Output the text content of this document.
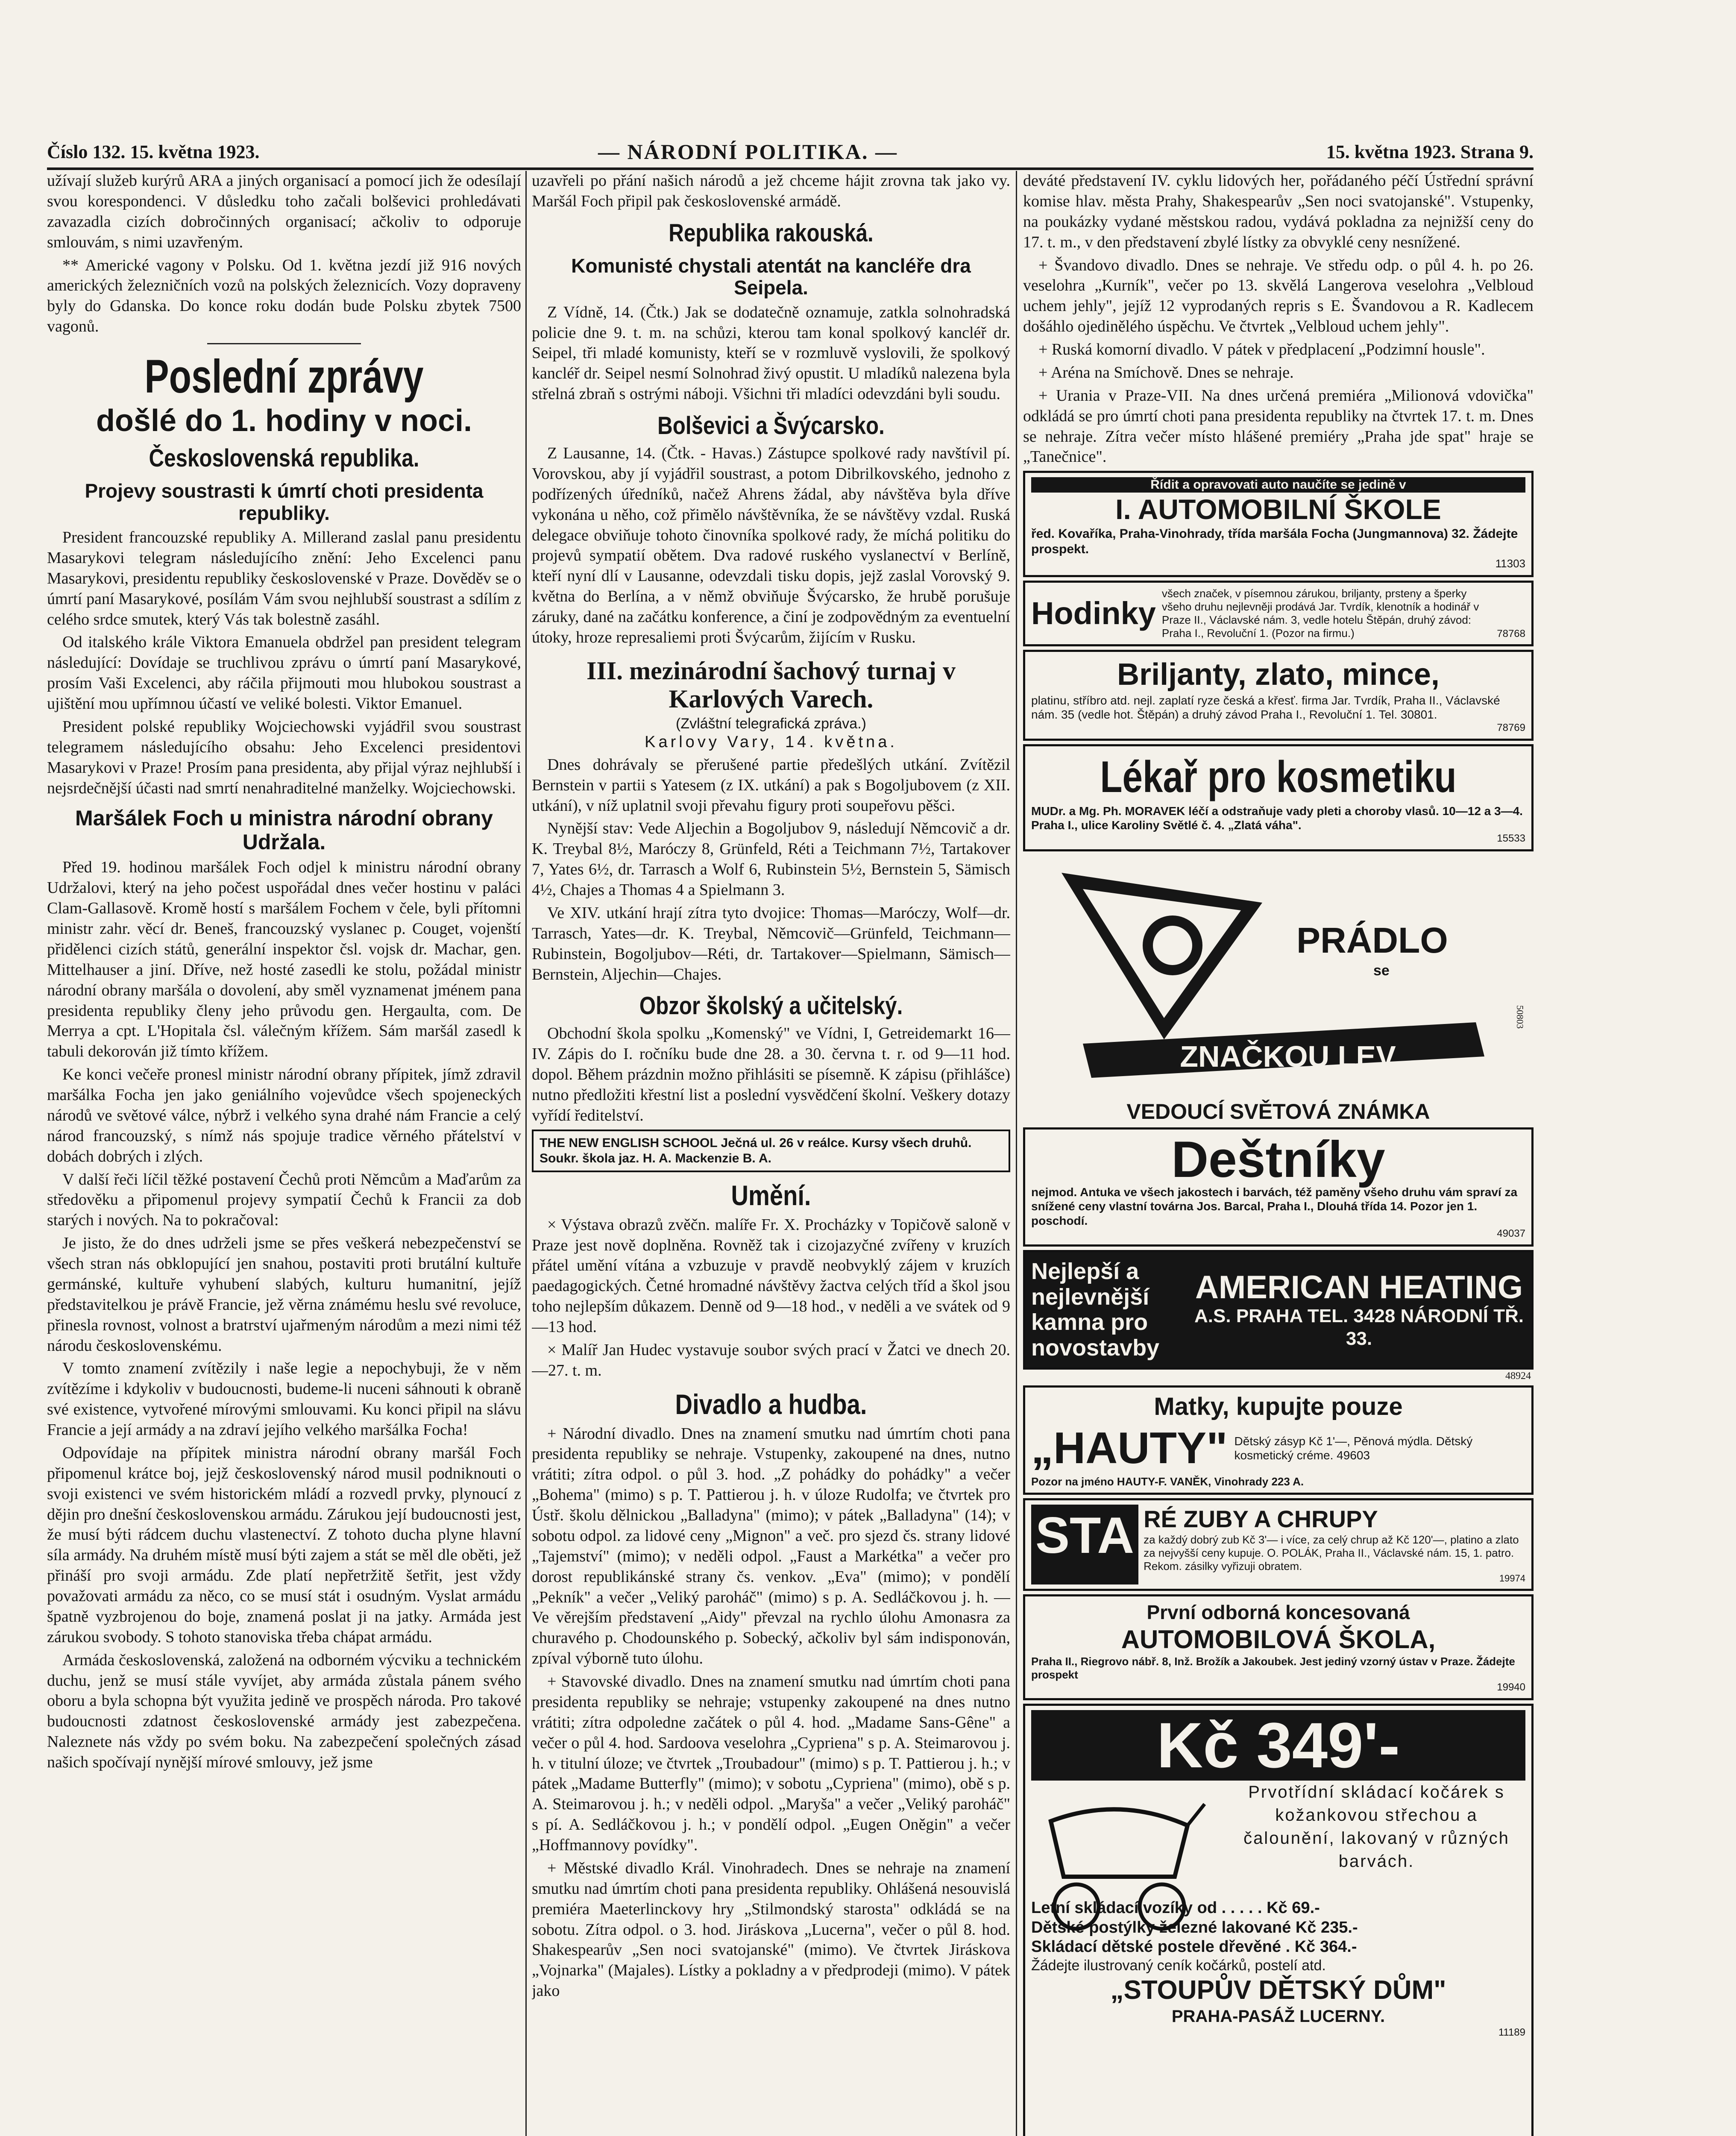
Číslo 132. 15. května 1923.	— NÁRODNÍ POLITIKA. —	15. května 1923. Strana 9.

užívají služeb kurýrů ARA a jiných organisací a pomocí jich že odesílají svou korespondenci. V důsledku toho začali bolševici prohledávati zavazadla cizích dobročinných organisací; ačkoliv to odporuje smlouvám, s nimi uzavřeným.

** Americké vagony v Polsku. Od 1. května jezdí již 916 nových amerických železničních vozů na polských železnicích. Vozy dopraveny byly do Gdanska. Do konce roku dodán bude Polsku zbytek 7500 vagonů.

Poslední zprávy
došlé do 1. hodiny v noci.
Československá republika.
Projevy soustrasti k úmrtí choti presidenta republiky.

President francouzské republiky A. Millerand zaslal panu presidentu Masarykovi telegram následujícího znění: Jeho Excelenci panu Masarykovi, presidentu republiky československé v Praze. Dověděv se o úmrtí paní Masarykové, posílám Vám svou nejhlubší soustrast a sdílím z celého srdce smutek, který Vás tak bolestně zasáhl.

Od italského krále Viktora Emanuela obdržel pan president telegram následující: Dovídaje se truchlivou zprávu o úmrtí paní Masarykové, prosím Vaši Excelenci, aby ráčila přijmouti mou hlubokou soustrast a ujištění mou upřímnou účastí ve veliké bolesti. Viktor Emanuel.

President polské republiky Wojciechowski vyjádřil svou soustrast telegramem následujícího obsahu: Jeho Excelenci presidentovi Masarykovi v Praze! Prosím pana presidenta, aby přijal výraz nejhlubší i nejsrdečnější účasti nad smrtí nenahraditelné manželky. Wojciechowski.

Maršálek Foch u ministra národní obrany Udržala.

Před 19. hodinou maršálek Foch odjel k ministru národní obrany Udržalovi, který na jeho počest uspořádal dnes večer hostinu v paláci Clam-Gallasově. Kromě hostí s maršálem Fochem v čele, byli přítomni ministr zahr. věcí dr. Beneš, francouzský vyslanec p. Couget, vojenští přidělenci cizích států, generální inspektor čsl. vojsk dr. Machar, gen. Mittelhauser a jiní. Dříve, než hosté zasedli ke stolu, požádal ministr národní obrany maršála o dovolení, aby směl vyznamenat jménem pana presidenta republiky členy jeho průvodu gen. Hergaulta, com. De Merrya a cpt. L'Hopitala čsl. válečným křížem. Sám maršál zasedl k tabuli dekorován již tímto křížem.

Ke konci večeře pronesl ministr národní obrany přípitek, jímž zdravil maršálka Focha jen jako geniálního vojevůdce všech spojeneckých národů ve světové válce, nýbrž i velkého syna drahé nám Francie a celý národ francouzský, s nímž nás spojuje tradice věrného přátelství v dobách dobrých i zlých.

V další řeči líčil těžké postavení Čechů proti Němcům a Maďarům za středověku a připomenul projevy sympatií Čechů k Francii za dob starých i nových. Na to pokračoval:

Je jisto, že do dnes udrželi jsme se přes veškerá nebezpečenství se všech stran nás obklopující jen snahou, postaviti proti brutální kultuře germánské, kultuře vyhubení slabých, kulturu humanitní, jejíž představitelkou je právě Francie, jež věrna známému heslu své revoluce, přinesla rovnost, volnost a bratrství ujařmeným národům a mezi nimi též národu československému.

V tomto znamení zvítězily i naše legie a nepochybuji, že v něm zvítězíme i kdykoliv v budoucnosti, budeme-li nuceni sáhnouti k obraně své existence, vytvořené mírovými smlouvami. Ku konci připil na slávu Francie a její armády a na zdraví jejího velkého maršálka Focha!

Odpovídaje na přípitek ministra národní obrany maršál Foch připomenul krátce boj, jejž československý národ musil podniknouti o svoji existenci ve svém historickém mládí a rozvedl prvky, plynoucí z dějin pro dnešní československou armádu. Zárukou její budoucnosti jest, že musí býti rádcem duchu vlastenectví. Z tohoto ducha plyne hlavní síla armády. Na druhém místě musí býti zajem a stát se měl dle oběti, jež přináší pro svoji armádu. Zde platí nepřetržitě šetřit, jest vždy považovati armádu za něco, co se musí stát i osudným. Vyslat armádu špatně vyzbrojenou do boje, znamená poslat ji na jatky. Armáda jest zárukou svobody. S tohoto stanoviska třeba chápat armádu.

Armáda československá, založená na odborném výcviku a technickém duchu, jenž se musí stále vyvíjet, aby armáda zůstala pánem svého oboru a byla schopna být využita jedině ve prospěch národa. Pro takové budoucnosti zdatnost československé armády jest zabezpečena. Naleznete nás vždy po svém boku. Na zabezpečení společných zásad našich spočívají nynější mírové smlouvy, jež jsme

uzavřeli po přání našich národů a jež chceme hájit zrovna tak jako vy. Maršál Foch připil pak československé armádě.

Republika rakouská.
Komunisté chystali atentát na kancléře dra Seipela.

Z Vídně, 14. (Čtk.) Jak se dodatečně oznamuje, zatkla solnohradská policie dne 9. t. m. na schůzi, kterou tam konal spolkový kancléř dr. Seipel, tři mladé komunisty, kteří se v rozmluvě vyslovili, že spolkový kancléř dr. Seipel nesmí Solnohrad živý opustit. U mladíků nalezena byla střelná zbraň s ostrými náboji. Všichni tři mladíci odevzdáni byli soudu.

Bolševici a Švýcarsko.

Z Lausanne, 14. (Čtk. - Havas.) Zástupce spolkové rady navštívil pí. Vorovskou, aby jí vyjádřil soustrast, a potom Dibrilkovského, jednoho z podřízených úředníků, načež Ahrens žádal, aby návštěva byla dříve vykonána u něho, což přimělo návštěvníka, že se návštěvy vzdal. Ruská delegace obviňuje tohoto činovníka spolkové rady, že míchá politiku do projevů sympatií obětem. Dva radové ruského vyslanectví v Berlíně, kteří nyní dlí v Lausanne, odevzdali tisku dopis, jejž zaslal Vorovský 9. května do Berlína, a v němž obviňuje Švýcarsko, že hrubě porušuje záruky, dané na začátku konference, a činí je zodpovědným za eventuelní útoky, hroze represaliemi proti Švýcarům, žijícím v Rusku.

III. mezinárodní šachový turnaj v Karlových Varech.
(Zvláštní telegrafická zpráva.)
Karlovy Vary, 14. května.

Dnes dohrávaly se přerušené partie předešlých utkání. Zvítězil Bernstein v partii s Yatesem (z IX. utkání) a pak s Bogoljubovem (z XII. utkání), v níž uplatnil svoji převahu figury proti soupeřovu pěšci.

Nynější stav: Vede Aljechin a Bogoljubov 9, následují Němcovič a dr. K. Treybal 8½, Maróczy 8, Grünfeld, Réti a Teichmann 7½, Tartakover 7, Yates 6½, dr. Tarrasch a Wolf 6, Rubinstein 5½, Bernstein 5, Sämisch 4½, Chajes a Thomas 4 a Spielmann 3.

Ve XIV. utkání hrají zítra tyto dvojice: Thomas—Maróczy, Wolf—dr. Tarrasch, Yates—dr. K. Treybal, Němcovič—Grünfeld, Teichmann—Rubinstein, Bogoljubov—Réti, dr. Tartakover—Spielmann, Sämisch—Bernstein, Aljechin—Chajes.

Obzor školský a učitelský.

Obchodní škola spolku „Komenský" ve Vídni, I, Getreidemarkt 16—IV. Zápis do I. ročníku bude dne 28. a 30. června t. r. od 9—11 hod. dopol. Během prázdnin možno přihlásiti se písemně. K zápisu (přihlášce) nutno předložiti křestní list a poslední vysvědčení školní. Veškery dotazy vyřídí ředitelství.

THE NEW ENGLISH SCHOOL Ječná ul. 26 v reálce. Kursy všech druhů. Soukr. škola jaz. H. A. Mackenzie B. A.
Umění.

× Výstava obrazů zvěčn. malíře Fr. X. Procházky v Topičově saloně v Praze jest nově doplněna. Rovněž tak i cizojazyčné zvířeny v kruzích přátel umění vítána a vzbuzuje v pravdě neobvyklý zájem v kruzích paedagogických. Četné hromadné návštěvy žactva celých tříd a škol jsou toho nejlepším důkazem. Denně od 9—18 hod., v neděli a ve svátek od 9—13 hod.

× Malíř Jan Hudec vystavuje soubor svých prací v Žatci ve dnech 20.—27. t. m.

Divadlo a hudba.

+ Národní divadlo. Dnes na znamení smutku nad úmrtím choti pana presidenta republiky se nehraje. Vstupenky, zakoupené na dnes, nutno vrátiti; zítra odpol. o půl 3. hod. „Z pohádky do pohádky" a večer „Bohema" (mimo) s p. T. Pattierou j. h. v úloze Rudolfa; ve čtvrtek pro Ústř. školu dělnickou „Balladyna" (mimo); v pátek „Balladyna" (14); v sobotu odpol. za lidové ceny „Mignon" a več. pro sjezd čs. strany lidové „Tajemství" (mimo); v neděli odpol. „Faust a Markétka" a večer pro dorost republikánské strany čs. venkov. „Eva" (mimo); v pondělí „Pekník" a večer „Veliký paroháč" (mimo) s p. A. Sedláčkovou j. h. — Ve věrejším představení „Aidy" převzal na rychlo úlohu Amonasra za churavého p. Chodounského p. Sobecký, ačkoliv byl sám indisponován, zpíval výborně tuto úlohu.

+ Stavovské divadlo. Dnes na znamení smutku nad úmrtím choti pana presidenta republiky se nehraje; vstupenky zakoupené na dnes nutno vrátiti; zítra odpoledne začátek o půl 4. hod. „Madame Sans-Gêne" a večer o půl 4. hod. Sardoova veselohra „Cypriena" s p. A. Steimarovou j. h. v titulní úloze; ve čtvrtek „Troubadour" (mimo) s p. T. Pattierou j. h.; v pátek „Madame Butterfly" (mimo); v sobotu „Cypriena" (mimo), obě s p. A. Steimarovou j. h.; v neděli odpol. „Maryša" a večer „Veliký paroháč" s pí. A. Sedláčkovou j. h.; v pondělí odpol. „Eugen Oněgin" a večer „Hoffmannovy povídky".

+ Městské divadlo Král. Vinohradech. Dnes se nehraje na znamení smutku nad úmrtím choti pana presidenta republiky. Ohlášená nesouvislá premiéra Maeterlinckovy hry „Stilmondský starosta" odkládá se na sobotu. Zítra odpol. o 3. hod. Jiráskova „Lucerna", večer o půl 8. hod. Shakespearův „Sen noci svatojanské" (mimo). Ve čtvrtek Jiráskova „Vojnarka" (Majales). Lístky a pokladny a v předprodeji (mimo). V pátek jako

deváté představení IV. cyklu lidových her, pořádaného péčí Ústřední správní komise hlav. města Prahy, Shakespearův „Sen noci svatojanské". Vstupenky, na poukázky vydané městskou radou, vydává pokladna za nejnižší ceny do 17. t. m., v den představení zbylé lístky za obvyklé ceny nesnížené.

+ Švandovo divadlo. Dnes se nehraje. Ve středu odp. o půl 4. h. po 26. veselohra „Kurník", večer po 13. skvělá Langerova veselohra „Velbloud uchem jehly", jejíž 12 vyprodaných repris s E. Švandovou a R. Kadlecem došáhlo ojedinělého úspěchu. Ve čtvrtek „Velbloud uchem jehly".

+ Ruská komorní divadlo. V pátek v předplacení „Podzimní housle".

+ Aréna na Smíchově. Dnes se nehraje.

+ Urania v Praze-VII. Na dnes určená premiéra „Milionová vdovička" odkládá se pro úmrtí choti pana presidenta republiky na čtvrtek 17. t. m. Dnes se nehraje. Zítra večer místo hlášené premiéry „Praha jde spat" hraje se „Tanečnice".

Řídit a opravovati auto naučíte se jedině v
I. AUTOMOBILNÍ ŠKOLE
řed. Kovaříka, Praha-Vinohrady, třída maršála Focha (Jungmannova) 32. Žádejte prospekt.
11303
Hodinky
všech značek, v písemnou zárukou, briljanty, prsteny a šperky všeho druhu nejlevněji prodává Jar. Tvrdík, klenotník a hodinář v Praze II., Václavské nám. 3, vedle hotelu Štěpán, druhý závod: Praha I., Revoluční 1. (Pozor na firmu.)	78768
Briljanty, zlato, mince,
platinu, stříbro atd. nejl. zaplatí ryze česká a křesť. firma Jar. Tvrdík, Praha II., Václavské nám. 35 (vedle hot. Štěpán) a druhý závod Praha I., Revoluční 1. Tel. 30801.
78769
Lékař pro kosmetiku
MUDr. a Mg. Ph. MORAVEK léčí a odstraňuje vady pleti a choroby vlasů. 10—12 a 3—4. Praha I., ulice Karoliny Světlé č. 4. „Zlatá váha".
15533
PRÁDLO
se
ZNAČKOU LEV
50803
VEDOUCÍ SVĚTOVÁ ZNÁMKA
Deštníky
nejmod. Antuka ve všech jakostech i barvách, též paměny všeho druhu vám spraví za snížené ceny vlastní továrna Jos. Barcal, Praha I., Dlouhá třída 14. Pozor jen 1. poschodí.
49037
Nejlepší a nejlevnější kamna pro novostavby
AMERICAN HEATING
A.S. PRAHA TEL. 3428 NÁRODNÍ TŘ. 33.
48924
Matky, kupujte pouze
„HAUTY" Dětský zásyp Kč 1'—, Pěnová mýdla. Dětský kosmetický créme. 49603
Pozor na jméno HAUTY-F. VANĚK, Vinohrady 223 A.
STA RÉ ZUBY A CHRUPY
za každý dobrý zub Kč 3'— i více, za celý chrup až Kč 120'—, platino a zlato za nejvyšší ceny kupuje. O. POLÁK, Praha II., Václavské nám. 15, 1. patro. Rekom. zásilky vyřizuji obratem.
19974
První odborná koncesovaná
AUTOMOBILOVÁ ŠKOLA,
Praha II., Riegrovo nábř. 8, Inž. Brožík a Jakoubek. Jest jediný vzorný ústav v Praze. Žádejte prospekt
19940
Kč 349'-
Prvotřídní skládací kočárek s kožankovou střechou a čalounění, lakovaný v různých barvách.
Letní skládací vozíky od . . . . . Kč 69.-
Dětské postýlky železné lakované Kč 235.-
Skládací dětské postele dřevěné . Kč 364.-
Žádejte ilustrovaný ceník kočárků, postelí atd.
„STOUPŮV DĚTSKÝ DŮM"
PRAHA-PASÁŽ LUCERNY.
11189
